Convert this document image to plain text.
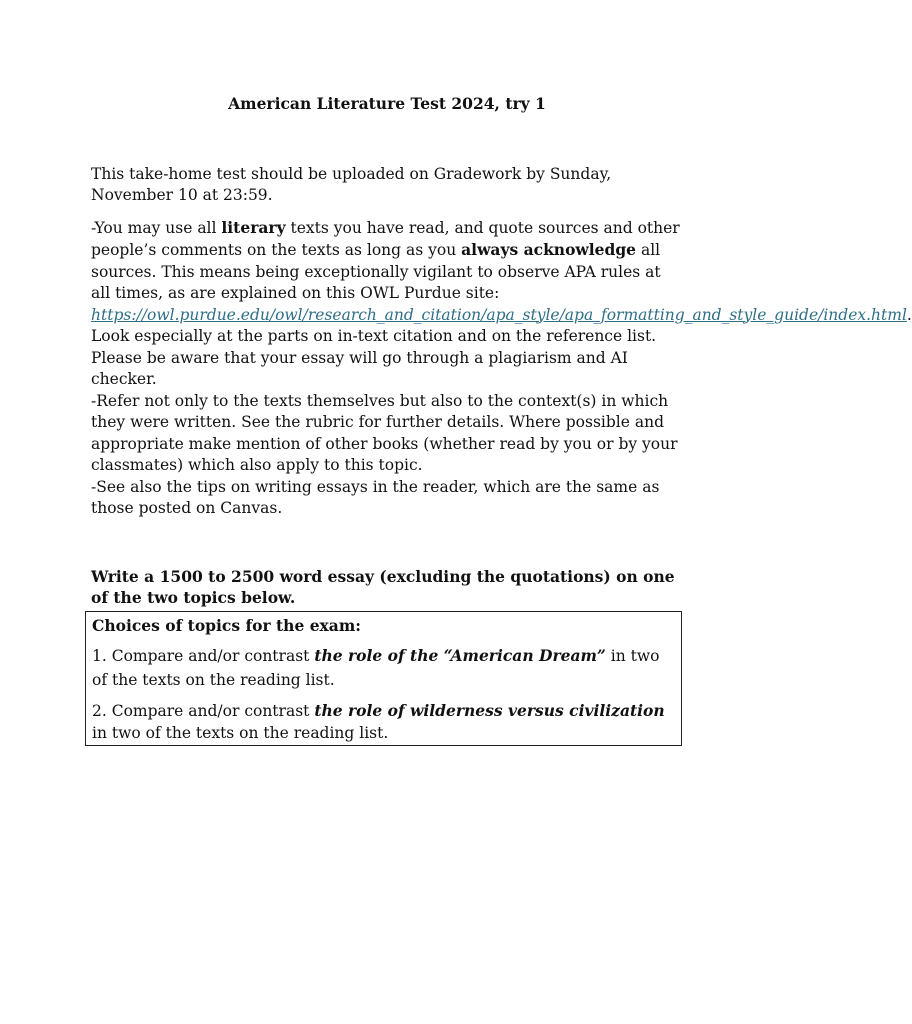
American Literature Test 2024, try 1

This take-home test should be uploaded on Gradework by Sunday, November 10 at 23:59.

-You may use all literary texts you have read, and quote sources and other people’s comments on the texts as long as you always acknowledge all sources. This means being exceptionally vigilant to observe APA rules at all times, as are explained on this OWL Purdue site: https://owl.purdue.edu/owl/research_and_citation/apa_style/apa_formatting_and_style_guide/index.html. Look especially at the parts on in-text citation and on the reference list. Please be aware that your essay will go through a plagiarism and AI checker.

-Refer not only to the texts themselves but also to the context(s) in which they were written. See the rubric for further details. Where possible and appropriate make mention of other books (whether read by you or by your classmates) which also apply to this topic.

-See also the tips on writing essays in the reader, which are the same as those posted on Canvas.

Write a 1500 to 2500 word essay (excluding the quotations) on one of the two topics below.

Choices of topics for the exam:

1. Compare and/or contrast the role of the “American Dream” in two of the texts on the reading list.

2. Compare and/or contrast the role of wilderness versus civilization in two of the texts on the reading list.
